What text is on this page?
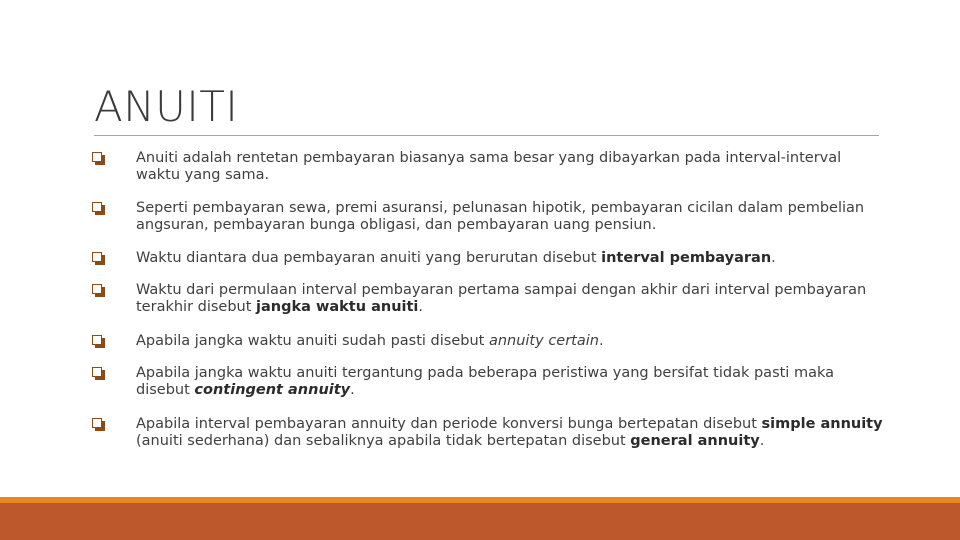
ANUITI
Anuiti adalah rentetan pembayaran biasanya sama besar yang dibayarkan pada interval-interval waktu yang sama.
Seperti pembayaran sewa, premi asuransi, pelunasan hipotik, pembayaran cicilan dalam pembelian angsuran, pembayaran bunga obligasi, dan pembayaran uang pensiun.
Waktu diantara dua pembayaran anuiti yang berurutan disebut interval pembayaran.
Waktu dari permulaan interval pembayaran pertama sampai dengan akhir dari interval pembayaran terakhir disebut jangka waktu anuiti.
Apabila jangka waktu anuiti sudah pasti disebut annuity certain.
Apabila jangka waktu anuiti tergantung pada beberapa peristiwa yang bersifat tidak pasti maka disebut contingent annuity.
Apabila interval pembayaran annuity dan periode konversi bunga bertepatan disebut simple annuity (anuiti sederhana) dan sebaliknya apabila tidak bertepatan disebut general annuity.
